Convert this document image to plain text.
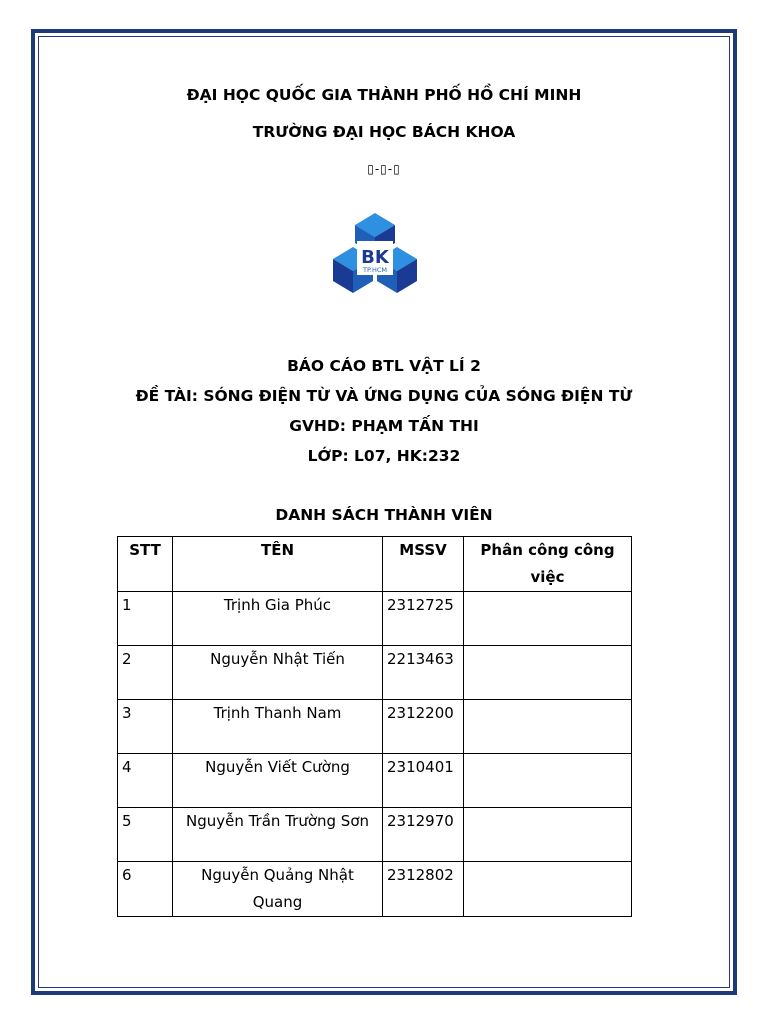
ĐẠI HỌC QUỐC GIA THÀNH PHỐ HỒ CHÍ MINH
TRƯỜNG ĐẠI HỌC BÁCH KHOA
▯-▯-▯
BK
TP.HCM
BÁO CÁO BTL VẬT LÍ 2
ĐỀ TÀI: SÓNG ĐIỆN TỪ VÀ ỨNG DỤNG CỦA SÓNG ĐIỆN TỪ
GVHD: PHẠM TẤN THI
LỚP: L07, HK:232
DANH SÁCH THÀNH VIÊN
STT	TÊN	MSSV	Phân công công việc
1	Trịnh Gia Phúc	2312725	
2	Nguyễn Nhật Tiến	2213463	
3	Trịnh Thanh Nam	2312200	
4	Nguyễn Viết Cường	2310401	
5	Nguyễn Trần Trường Sơn	2312970	
6	Nguyễn Quảng Nhật Quang	2312802	
